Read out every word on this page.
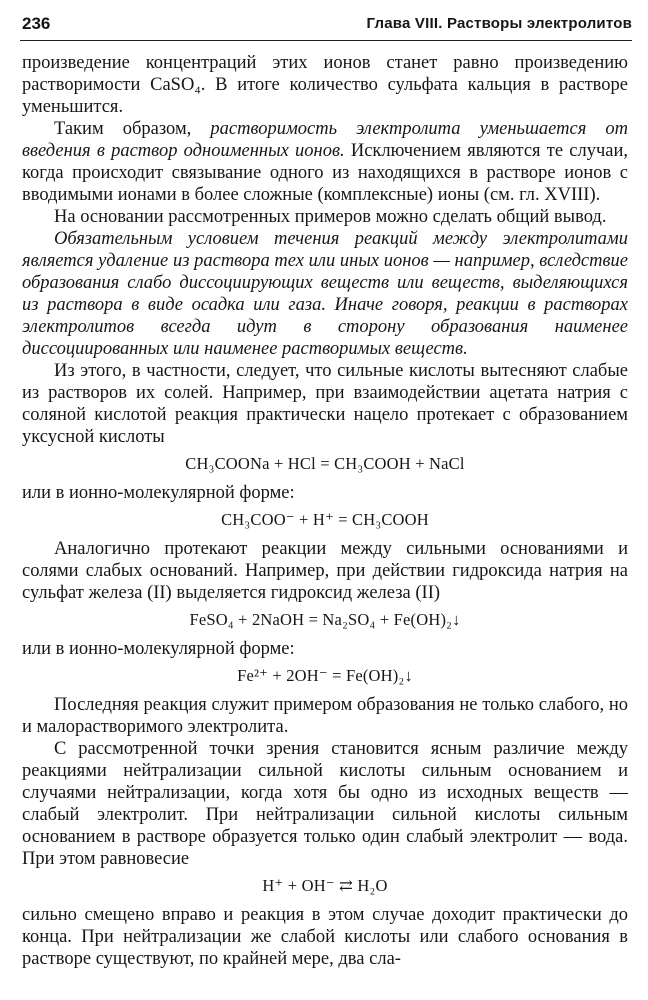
236	Глава VIII. Растворы электролитов

произведение концентраций этих ионов станет равно произведению растворимости CaSO₄. В итоге количество сульфата кальция в растворе уменьшится.

Таким образом, растворимость электролита уменьшается от введения в раствор одноименных ионов. Исключением являются те случаи, когда происходит связывание одного из находящихся в растворе ионов с вводимыми ионами в более сложные (комплексные) ионы (см. гл. XVIII).

На основании рассмотренных примеров можно сделать общий вывод.

Обязательным условием течения реакций между электролитами является удаление из раствора тех или иных ионов — например, вследствие образования слабо диссоциирующих веществ или веществ, выделяющихся из раствора в виде осадка или газа. Иначе говоря, реакции в растворах электролитов всегда идут в сторону образования наименее диссоциированных или наименее растворимых веществ.

Из этого, в частности, следует, что сильные кислоты вытесняют слабые из растворов их солей. Например, при взаимодействии ацетата натрия с соляной кислотой реакция практически нацело протекает с образованием уксусной кислоты

CH₃COONa + HCl = CH₃COOH + NaCl

или в ионно-молекулярной форме:

CH₃COO⁻ + H⁺ = CH₃COOH

Аналогично протекают реакции между сильными основаниями и солями слабых оснований. Например, при действии гидроксида натрия на сульфат железа (II) выделяется гидроксид железа (II)

FeSO₄ + 2NaOH = Na₂SO₄ + Fe(OH)₂↓

или в ионно-молекулярной форме:

Fe²⁺ + 2OH⁻ = Fe(OH)₂↓

Последняя реакция служит примером образования не только слабого, но и малорастворимого электролита.

С рассмотренной точки зрения становится ясным различие между реакциями нейтрализации сильной кислоты сильным основанием и случаями нейтрализации, когда хотя бы одно из исходных веществ — слабый электролит. При нейтрализации сильной кислоты сильным основанием в растворе образуется только один слабый электролит — вода. При этом равновесие

H⁺ + OH⁻ ⇄ H₂O

сильно смещено вправо и реакция в этом случае доходит практически до конца. При нейтрализации же слабой кислоты или слабого основания в растворе существуют, по крайней мере, два сла-
